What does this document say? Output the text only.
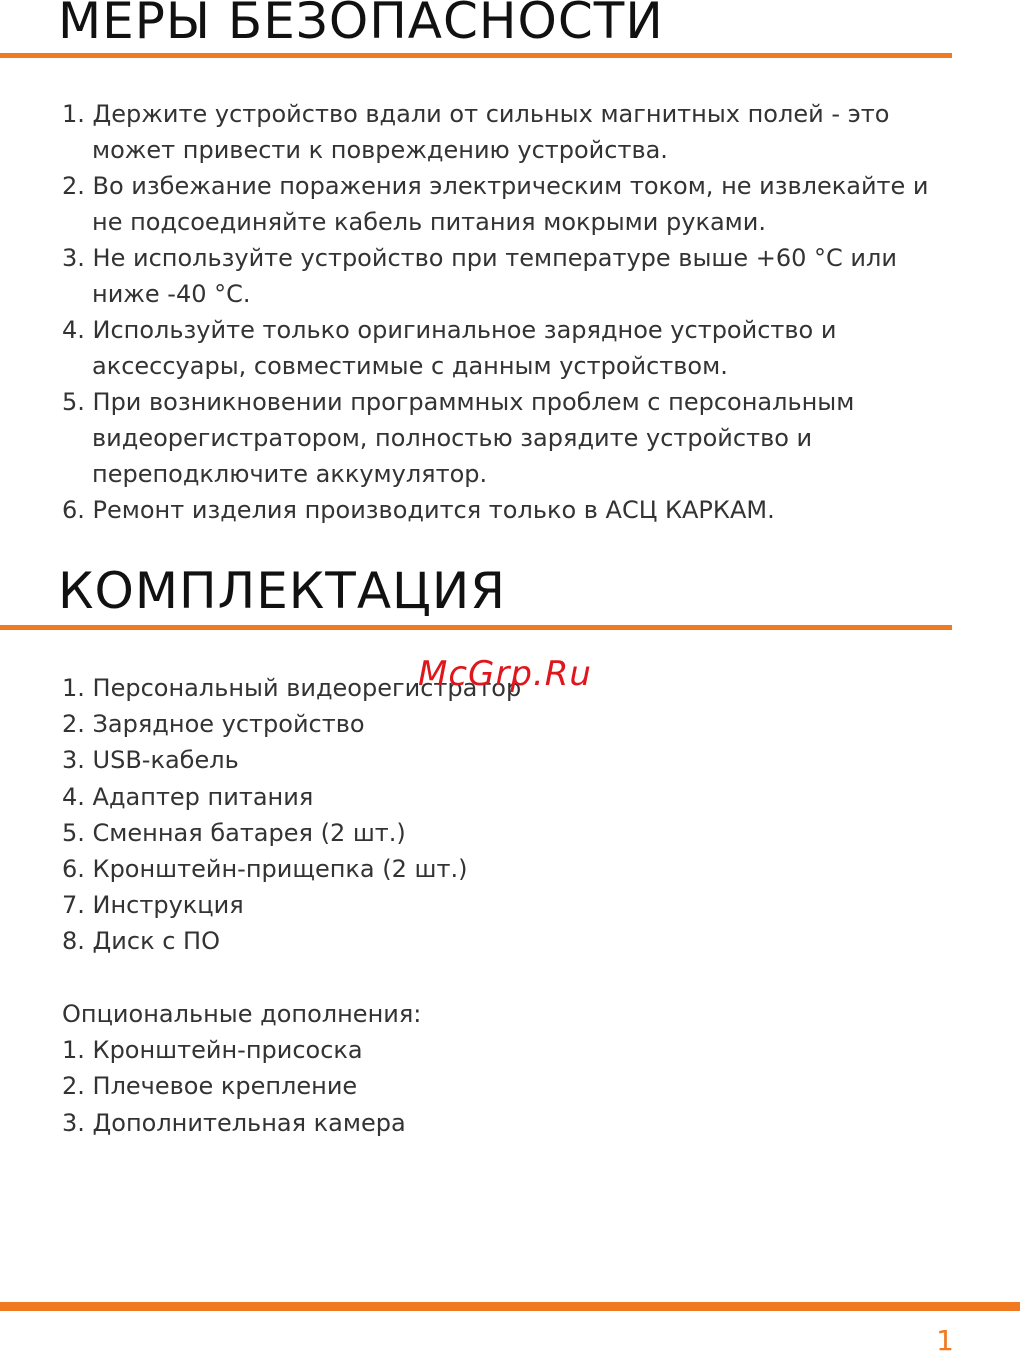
МЕРЫ БЕЗОПАСНОСТИ
1. Держите устройство вдали от сильных магнитных полей - это может привести к повреждению устройства.
2. Во избежание поражения электрическим током, не извлекайте и не подсоединяйте кабель питания мокрыми руками.
3. Не используйте устройство при температуре выше +60 °С или ниже -40 °С.
4. Используйте только оригинальное зарядное устройство и аксессуары, совместимые с данным устройством.
5. При возникновении программных проблем с персональным видеорегистратором, полностью зарядите устройство и переподключите аккумулятор.
6. Ремонт изделия производится только в АСЦ КАРКАМ.
КОМПЛЕКТАЦИЯ
1. Персональный видеорегистратор
2. Зарядное устройство
3. USB-кабель
4. Адаптер питания
5. Сменная батарея (2 шт.)
6. Кронштейн-прищепка (2 шт.)
7. Инструкция
8. Диск с ПО
Опциональные дополнения:
1. Кронштейн-присоска
2. Плечевое крепление
3. Дополнительная камера
McGrp.Ru
1
